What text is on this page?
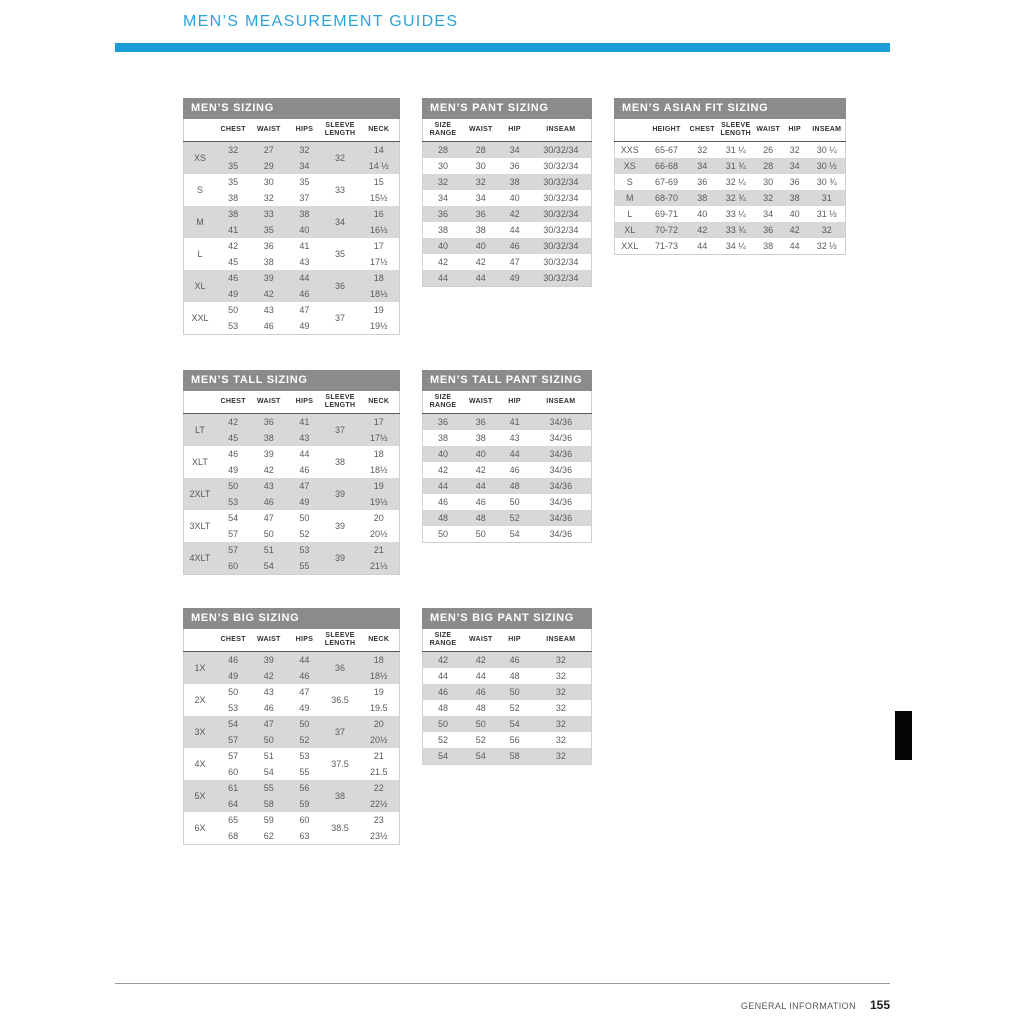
MEN’S MEASUREMENT GUIDES
MEN’S SIZING
	CHEST	WAIST	HIPS	SLEEVE LENGTH	NECK
XS	32	27	32	32	14
	35	29	34		14 ½
S	35	30	35	33	15
	38	32	37		15½
M	38	33	38	34	16
	41	35	40		16½
L	42	36	41	35	17
	45	38	43		17½
XL	46	39	44	36	18
	49	42	46		18½
XXL	50	43	47	37	19
	53	46	49		19½
MEN’S PANT SIZING
SIZE RANGE	WAIST	HIP	INSEAM
28	28	34	30/32/34
30	30	36	30/32/34
32	32	38	30/32/34
34	34	40	30/32/34
36	36	42	30/32/34
38	38	44	30/32/34
40	40	46	30/32/34
42	42	47	30/32/34
44	44	49	30/32/34
MEN’S ASIAN FIT SIZING
	HEIGHT	CHEST	SLEEVE LENGTH	WAIST	HIP	INSEAM
XXS	65-67	32	31 ¼	26	32	30 ¼
XS	66-68	34	31 ¾	28	34	30 ½
S	67-69	36	32 ¼	30	36	30 ¾
M	68-70	38	32 ¾	32	38	31
L	69-71	40	33 ¼	34	40	31 ½
XL	70-72	42	33 ¾	36	42	32
XXL	71-73	44	34 ¼	38	44	32 ½
MEN’S TALL SIZING
	CHEST	WAIST	HIPS	SLEEVE LENGTH	NECK
LT	42	36	41	37	17
	45	38	43		17½
XLT	46	39	44	38	18
	49	42	46		18½
2XLT	50	43	47	39	19
	53	46	49		19½
3XLT	54	47	50	39	20
	57	50	52		20½
4XLT	57	51	53	39	21
	60	54	55		21½
MEN’S TALL PANT SIZING
SIZE RANGE	WAIST	HIP	INSEAM
36	36	41	34/36
38	38	43	34/36
40	40	44	34/36
42	42	46	34/36
44	44	48	34/36
46	46	50	34/36
48	48	52	34/36
50	50	54	34/36
MEN’S BIG SIZING
	CHEST	WAIST	HIPS	SLEEVE LENGTH	NECK
1X	46	39	44	36	18
	49	42	46		18½
2X	50	43	47	36.5	19
	53	46	49		19.5
3X	54	47	50	37	20
	57	50	52		20½
4X	57	51	53	37.5	21
	60	54	55		21.5
5X	61	55	56	38	22
	64	58	59		22½
6X	65	59	60	38.5	23
	68	62	63		23½
MEN’S BIG PANT SIZING
SIZE RANGE	WAIST	HIP	INSEAM
42	42	46	32
44	44	48	32
46	46	50	32
48	48	52	32
50	50	54	32
52	52	56	32
54	54	58	32
GENERAL INFORMATION 155
